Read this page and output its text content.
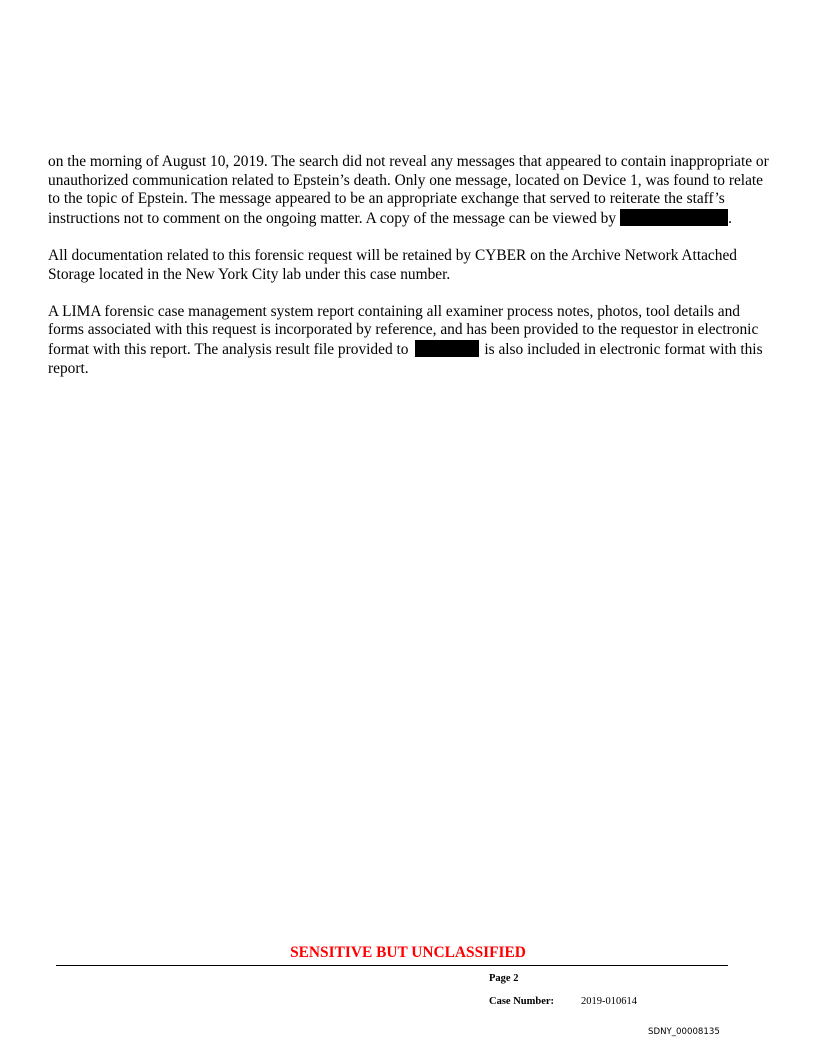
on the morning of August 10, 2019. The search did not reveal any messages that appeared to contain inappropriate or unauthorized communication related to Epstein’s death. Only one message, located on Device 1, was found to relate to the topic of Epstein. The message appeared to be an appropriate exchange that served to reiterate the staff’s instructions not to comment on the ongoing matter. A copy of the message can be viewed by	.

All documentation related to this forensic request will be retained by CYBER on the Archive Network Attached Storage located in the New York City lab under this case number.

A LIMA forensic case management system report containing all examiner process notes, photos, tool details and forms associated with this request is incorporated by reference, and has been provided to the requestor in electronic format with this report. The analysis result file provided to	is also included in electronic format with this report.

SENSITIVE BUT UNCLASSIFIED
Page 2
Case Number:	2019-010614
SDNY_00008135
